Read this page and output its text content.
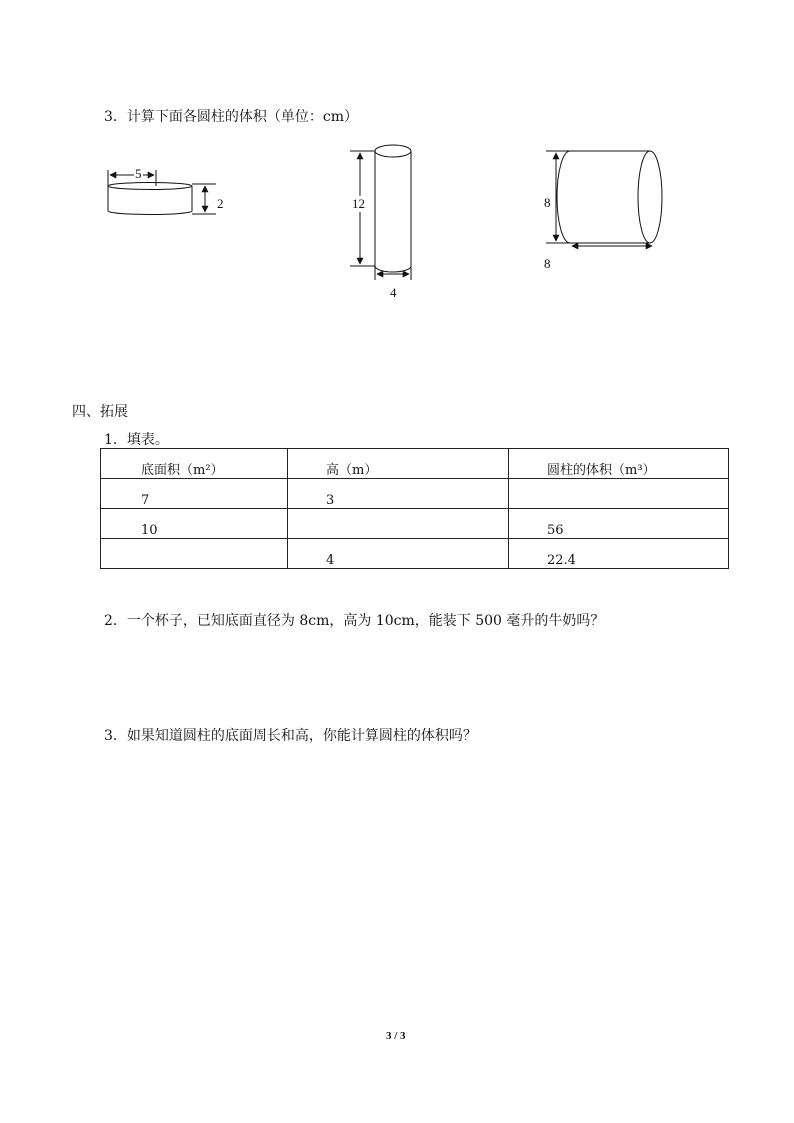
3．计算下面各圆柱的体积（单位：cm）
5
2	12
4
8
8
四、拓展
1．填表。
底面积（m²）	高（m）	圆柱的体积（m³）
7	3	
10		56
	4	22.4
2．一个杯子，已知底面直径为 8cm，高为 10cm，能装下 500 毫升的牛奶吗？
3．如果知道圆柱的底面周长和高，你能计算圆柱的体积吗？
3 / 3
